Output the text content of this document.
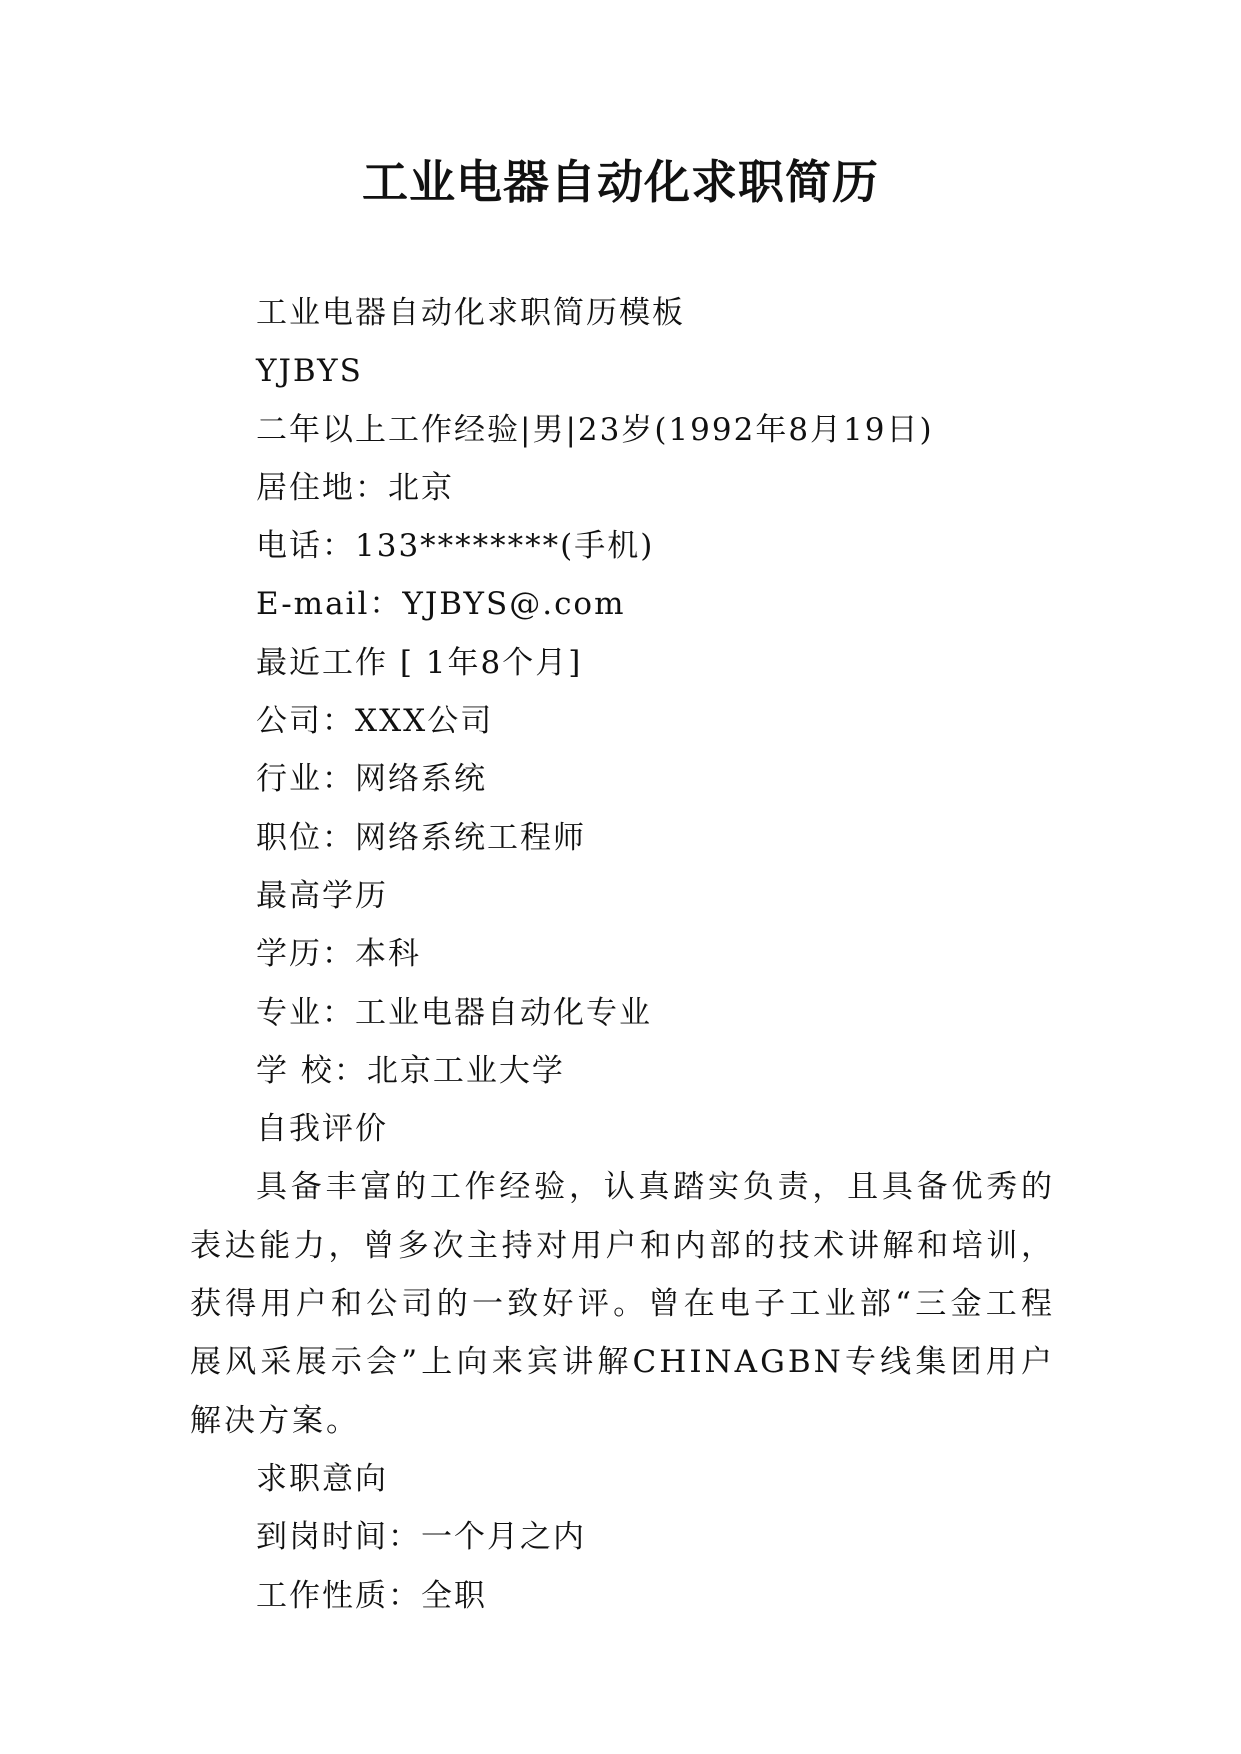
工业电器自动化求职简历
工业电器自动化求职简历模板
YJBYS
二年以上工作经验|男|23岁(1992年8月19日)
居住地：北京
电话：133********(手机)
E-mail：YJBYS@.com
最近工作 [ 1年8个月]
公司：XXX公司
行业：网络系统
职位：网络系统工程师
最高学历
学历：本科
专业：工业电器自动化专业
学 校：北京工业大学
自我评价
具备丰富的工作经验，认真踏实负责，且具备优秀的表达能力，曾多次主持对用户和内部的技术讲解和培训，获得用户和公司的一致好评。曾在电子工业部“三金工程展风采展示会”上向来宾讲解CHINAGBN专线集团用户解决方案。
求职意向
到岗时间：一个月之内
工作性质：全职
